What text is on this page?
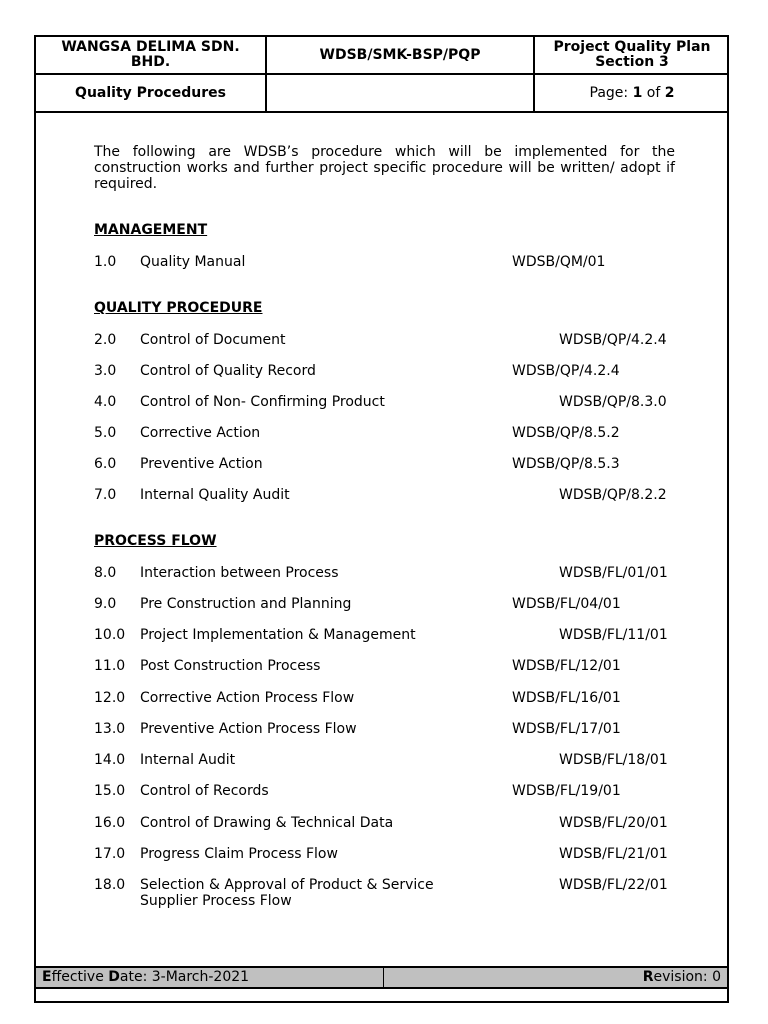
WANGSA DELIMA SDN. BHD.	WDSB/SMK-BSP/PQP	Project Quality Plan
Section 3
Quality Procedures	Page: 1 of 2
The following are WDSB’s procedure which will be implemented for the construction works and further project specific procedure will be written/ adopt if required.
MANAGEMENT
1.0 Quality Manual	WDSB/QM/01
QUALITY PROCEDURE
2.0 Control of Document	WDSB/QP/4.2.4
3.0 Control of Quality Record	WDSB/QP/4.2.4
4.0 Control of Non- Confirming Product	WDSB/QP/8.3.0
5.0 Corrective Action	WDSB/QP/8.5.2
6.0 Preventive Action	WDSB/QP/8.5.3
7.0 Internal Quality Audit	WDSB/QP/8.2.2
PROCESS FLOW
8.0 Interaction between Process	WDSB/FL/01/01
9.0 Pre Construction and Planning	WDSB/FL/04/01
10.0 Project Implementation & Management	WDSB/FL/11/01
11.0 Post Construction Process	WDSB/FL/12/01
12.0 Corrective Action Process Flow	WDSB/FL/16/01
13.0 Preventive Action Process Flow	WDSB/FL/17/01
14.0 Internal Audit	WDSB/FL/18/01
15.0 Control of Records	WDSB/FL/19/01
16.0 Control of Drawing & Technical Data	WDSB/FL/20/01
17.0 Progress Claim Process Flow	WDSB/FL/21/01
18.0 Selection & Approval of Product & Service
Supplier Process Flow
WDSB/FL/22/01
Effective Date: 3-March-2021	Revision: 0
